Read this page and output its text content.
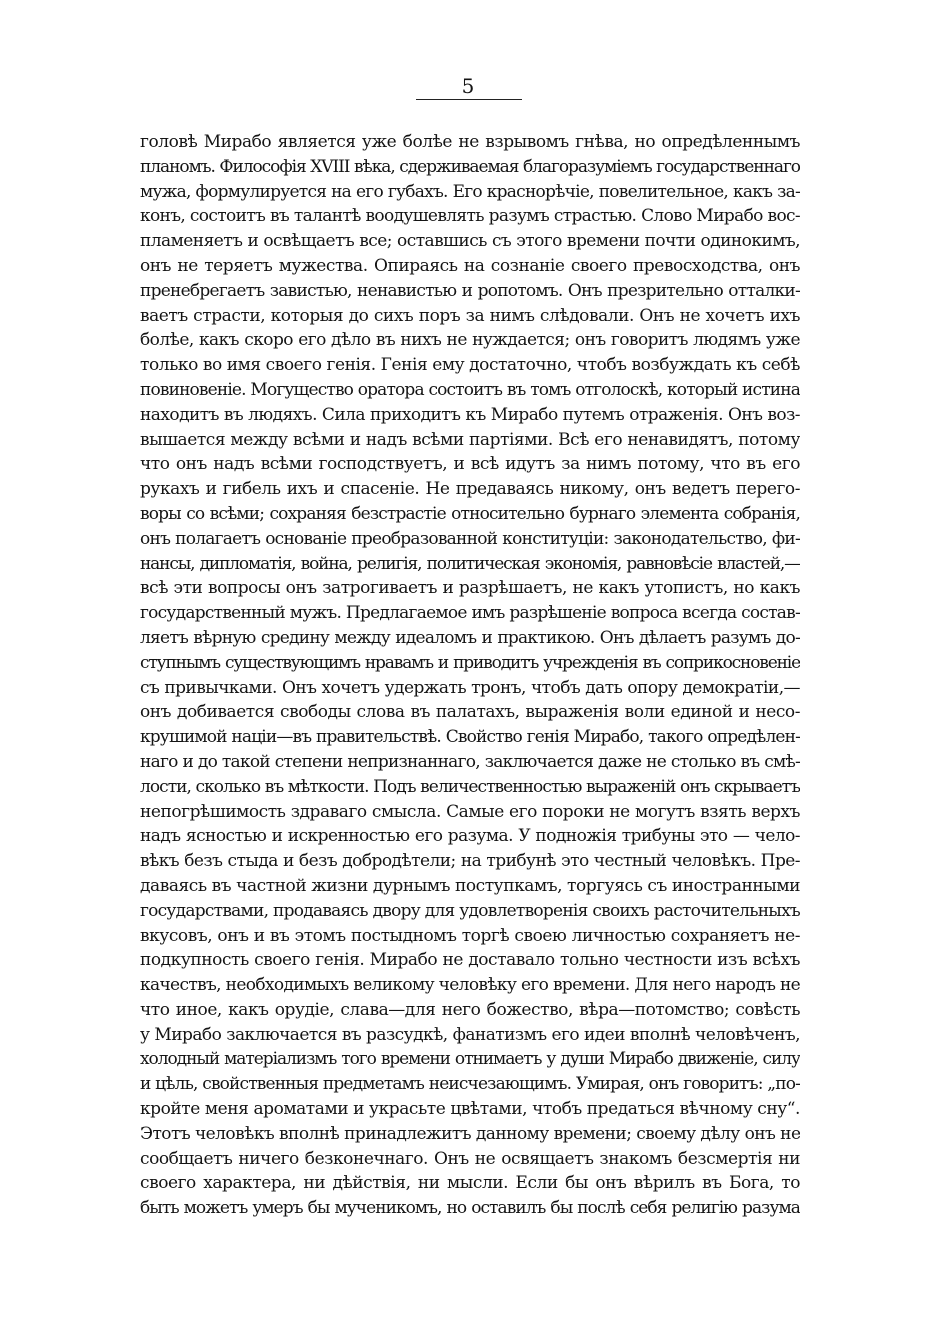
5
головѣ Мирабо является уже болѣе не взрывомъ гнѣва, но опредѣленнымъ
планомъ. Философія XVIII вѣка, сдерживаемая благоразуміемъ государственнаго
мужа, формулируется на его губахъ. Его краснорѣчіе, повелительное, какъ за-
конъ, состоитъ въ талантѣ воодушевлять разумъ страстью. Слово Мирабо вос-
пламеняетъ и освѣщаетъ все; оставшись съ этого времени почти одинокимъ,
онъ не теряетъ мужества. Опираясь на сознаніе своего превосходства, онъ
пренебрегаетъ завистью, ненавистью и ропотомъ. Онъ презрительно отталки-
ваетъ страсти, которыя до сихъ поръ за нимъ слѣдовали. Онъ не хочетъ ихъ
болѣе, какъ скоро его дѣло въ нихъ не нуждается; онъ говоритъ людямъ уже
только во имя своего генія. Генія ему достаточно, чтобъ возбуждать къ себѣ
повиновеніе. Могущество оратора состоитъ въ томъ отголоскѣ, который истина
находитъ въ людяхъ. Сила приходитъ къ Мирабо путемъ отраженія. Онъ воз-
вышается между всѣми и надъ всѣми партіями. Всѣ его ненавидятъ, потому
что онъ надъ всѣми господствуетъ, и всѣ идутъ за нимъ потому, что въ его
рукахъ и гибель ихъ и спасеніе. Не предаваясь никому, онъ ведетъ перего-
воры со всѣми; сохраняя безстрастіе относительно бурнаго элемента собранія,
онъ полагаетъ основаніе преобразованной конституціи: законодательство, фи-
нансы, дипломатія, война, религія, политическая экономія, равновѣсіе властей,—
всѣ эти вопросы онъ затрогиваетъ и разрѣшаетъ, не какъ утопистъ, но какъ
государственный мужъ. Предлагаемое имъ разрѣшеніе вопроса всегда состав-
ляетъ вѣрную средину между идеаломъ и практикою. Онъ дѣлаетъ разумъ до-
ступнымъ существующимъ нравамъ и приводитъ учрежденія въ соприкосновеніе
съ привычками. Онъ хочетъ удержать тронъ, чтобъ дать опору демократіи,—
онъ добивается свободы слова въ палатахъ, выраженія воли единой и несо-
крушимой націи—въ правительствѣ. Свойство генія Мирабо, такого опредѣлен-
наго и до такой степени непризнаннаго, заключается даже не столько въ смѣ-
лости, сколько въ мѣткости. Подъ величественностью выраженій онъ скрываетъ
непогрѣшимость здраваго смысла. Самые его пороки не могутъ взять верхъ
надъ ясностью и искренностью его разума. У подножія трибуны это — чело-
вѣкъ безъ стыда и безъ добродѣтели; на трибунѣ это честный человѣкъ. Пре-
даваясь въ частной жизни дурнымъ поступкамъ, торгуясь съ иностранными
государствами, продаваясь двору для удовлетворенія своихъ расточительныхъ
вкусовъ, онъ и въ этомъ постыдномъ торгѣ своею личностью сохраняетъ не-
подкупность своего генія. Мирабо не доставало тольно честности изъ всѣхъ
качествъ, необходимыхъ великому человѣку его времени. Для него народъ не
что иное, какъ орудіе, слава—для него божество, вѣра—потомство; совѣсть
у Мирабо заключается въ разсудкѣ, фанатизмъ его идеи вполнѣ человѣченъ,
холодный матеріализмъ того времени отнимаетъ у души Мирабо движеніе, силу
и цѣль, свойственныя предметамъ неисчезающимъ. Умирая, онъ говоритъ: „по-
кройте меня ароматами и украсьте цвѣтами, чтобъ предаться вѣчному сну“.
Этотъ человѣкъ вполнѣ принадлежитъ данному времени; своему дѣлу онъ не
сообщаетъ ничего безконечнаго. Онъ не освящаетъ знакомъ безсмертія ни
своего характера, ни дѣйствія, ни мысли. Если бы онъ вѣрилъ въ Бога, то
быть можетъ умеръ бы мученикомъ, но оставилъ бы послѣ себя религію разума
